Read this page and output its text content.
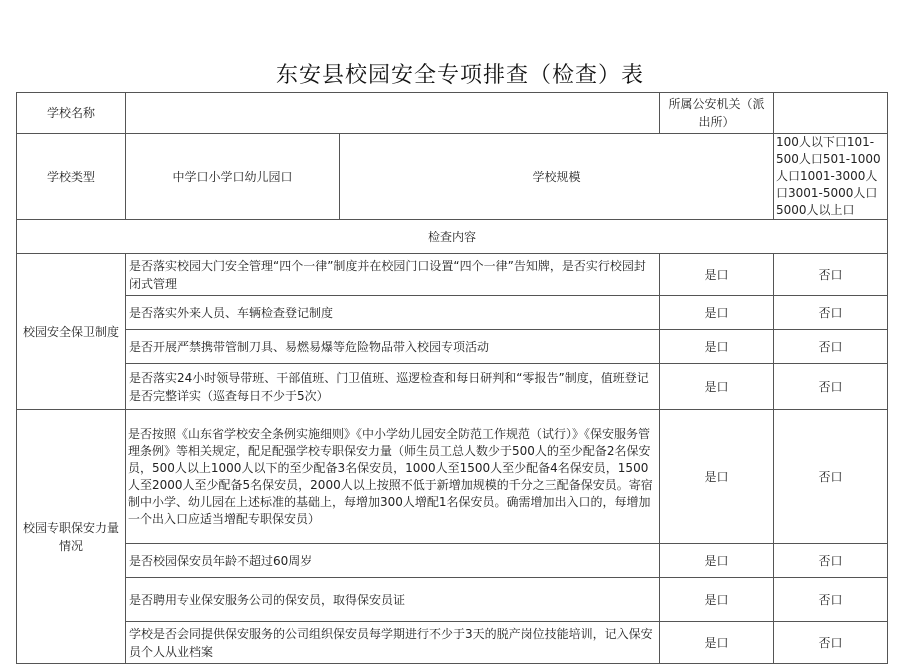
东安县校园安全专项排查（检查）表
学校名称			所属公安机关（派出所）	
学校类型	中学口小学口幼儿园口	学校规模		100人以下口101-500人口501-1000人口1001-3000人口3001-5000人口5000人以上口
检查内容				
校园安全保卫制度	是否落实校园大门安全管理“四个一律”制度并在校园门口设置“四个一律”告知牌，是否实行校园封闭式管理		是口	否口
	是否落实外来人员、车辆检查登记制度		是口	否口
	是否开展严禁携带管制刀具、易燃易爆等危险物品带入校园专项活动		是口	否口
	是否落实24小时领导带班、干部值班、门卫值班、巡逻检查和每日研判和“零报告”制度，值班登记是否完整详实（巡查每日不少于5次）		是口	否口
校园专职保安力量情况	是否按照《山东省学校安全条例实施细则》《中小学幼儿园安全防范工作规范（试行）》《保安服务管理条例》等相关规定，配足配强学校专职保安力量（师生员工总人数少于500人的至少配备2名保安员，500人以上1000人以下的至少配备3名保安员，1000人至1500人至少配备4名保安员，1500人至2000人至少配备5名保安员，2000人以上按照不低于新增加规模的千分之三配备保安员。寄宿制中小学、幼儿园在上述标准的基础上，每增加300人增配1名保安员。确需增加出入口的，每增加一个出入口应适当增配专职保安员）		是口	否口
	是否校园保安员年龄不超过60周岁		是口	否口
	是否聘用专业保安服务公司的保安员，取得保安员证		是口	否口
	学校是否会同提供保安服务的公司组织保安员每学期进行不少于3天的脱产岗位技能培训，记入保安员个人从业档案		是口	否口
